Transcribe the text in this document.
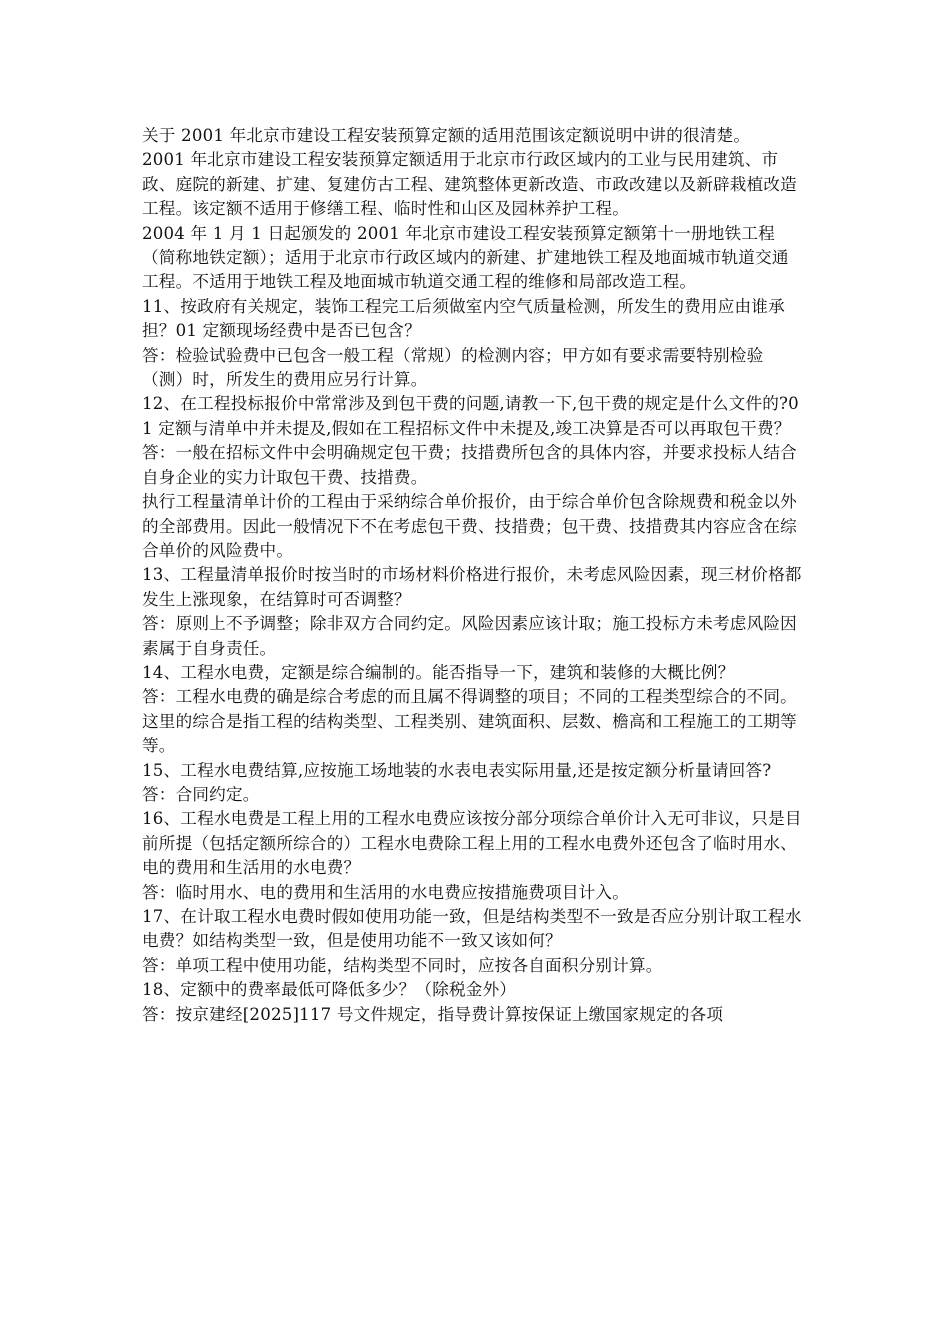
关于 2001 年北京市建设工程安装预算定额的适用范围该定额说明中讲的很清楚。

2001 年北京市建设工程安装预算定额适用于北京市行政区域内的工业与民用建筑、市政、庭院的新建、扩建、复建仿古工程、建筑整体更新改造、市政改建以及新辟栽植改造工程。该定额不适用于修缮工程、临时性和山区及园林养护工程。

2004 年 1 月 1 日起颁发的 2001 年北京市建设工程安装预算定额第十一册地铁工程（简称地铁定额）；适用于北京市行政区域内的新建、扩建地铁工程及地面城市轨道交通工程。不适用于地铁工程及地面城市轨道交通工程的维修和局部改造工程。

11、按政府有关规定，装饰工程完工后须做室内空气质量检测，所发生的费用应由谁承担？01 定额现场经费中是否已包含？

答：检验试验费中已包含一般工程（常规）的检测内容；甲方如有要求需要特别检验（测）时，所发生的费用应另行计算。

12、在工程投标报价中常常涉及到包干费的问题,请教一下,包干费的规定是什么文件的?01 定额与清单中并未提及,假如在工程招标文件中未提及,竣工决算是否可以再取包干费？

答：一般在招标文件中会明确规定包干费；技措费所包含的具体内容，并要求投标人结合自身企业的实力计取包干费、技措费。

执行工程量清单计价的工程由于采纳综合单价报价，由于综合单价包含除规费和税金以外的全部费用。因此一般情况下不在考虑包干费、技措费；包干费、技措费其内容应含在综合单价的风险费中。

13、工程量清单报价时按当时的市场材料价格进行报价，未考虑风险因素，现三材价格都发生上涨现象，在结算时可否调整？

答：原则上不予调整；除非双方合同约定。风险因素应该计取；施工投标方未考虑风险因素属于自身责任。

14、工程水电费，定额是综合编制的。能否指导一下，建筑和装修的大概比例？

答：工程水电费的确是综合考虑的而且属不得调整的项目；不同的工程类型综合的不同。这里的综合是指工程的结构类型、工程类别、建筑面积、层数、檐高和工程施工的工期等等。

15、工程水电费结算,应按施工场地装的水表电表实际用量,还是按定额分析量请回答?

答：合同约定。

16、工程水电费是工程上用的工程水电费应该按分部分项综合单价计入无可非议，只是目前所提（包括定额所综合的）工程水电费除工程上用的工程水电费外还包含了临时用水、电的费用和生活用的水电费？

答：临时用水、电的费用和生活用的水电费应按措施费项目计入。

17、在计取工程水电费时假如使用功能一致，但是结构类型不一致是否应分别计取工程水电费？如结构类型一致，但是使用功能不一致又该如何？

答：单项工程中使用功能，结构类型不同时，应按各自面积分别计算。

18、定额中的费率最低可降低多少？（除税金外）

答：按京建经[2025]117 号文件规定，指导费计算按保证上缴国家规定的各项
